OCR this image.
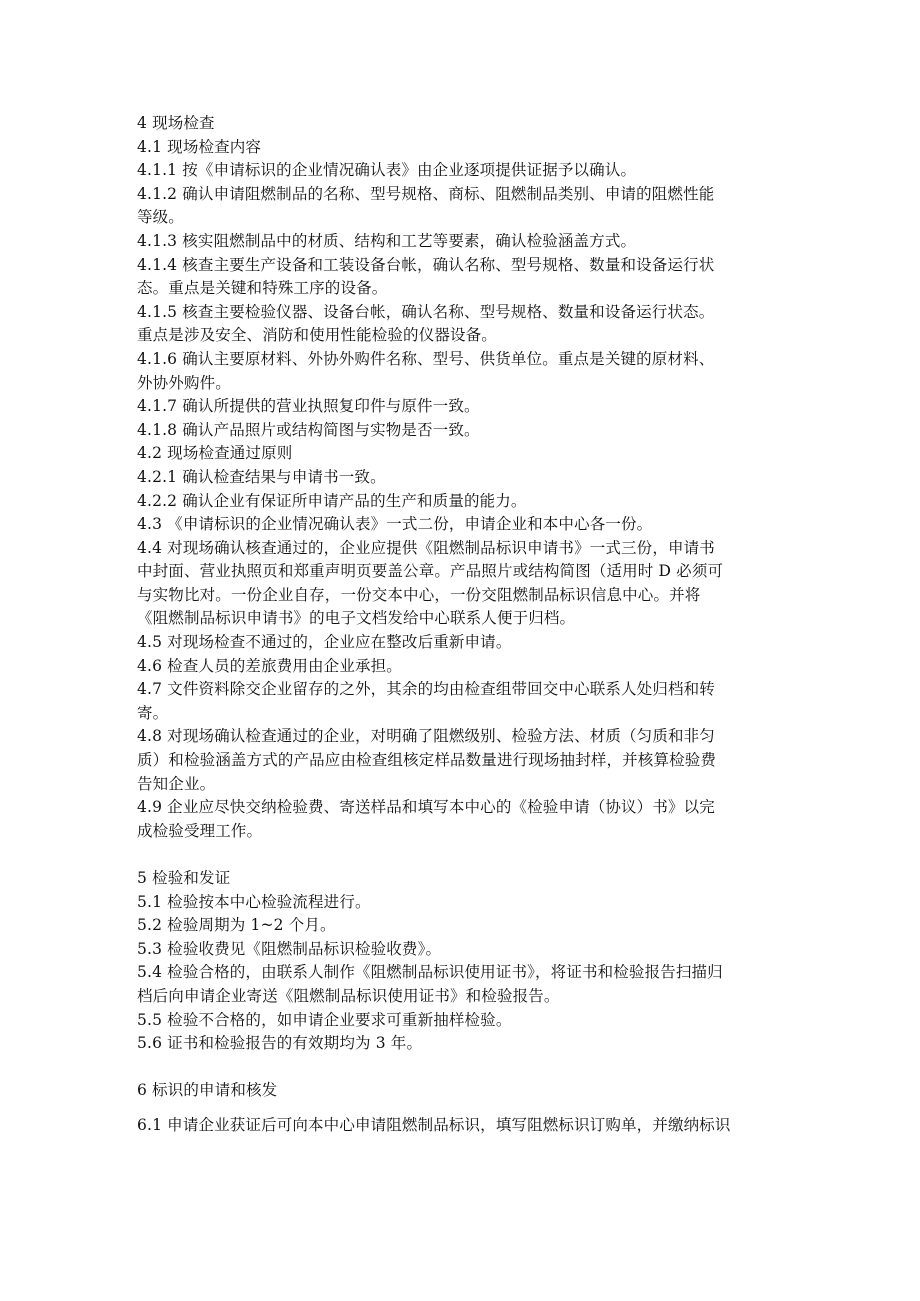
4 现场检查
4.1 现场检查内容
4.1.1 按《申请标识的企业情况确认表》由企业逐项提供证据予以确认。
4.1.2 确认申请阻燃制品的名称、型号规格、商标、阻燃制品类别、申请的阻燃性能
等级。
4.1.3 核实阻燃制品中的材质、结构和工艺等要素，确认检验涵盖方式。
4.1.4 核查主要生产设备和工装设备台帐，确认名称、型号规格、数量和设备运行状
态。重点是关键和特殊工序的设备。
4.1.5 核查主要检验仪器、设备台帐，确认名称、型号规格、数量和设备运行状态。
重点是涉及安全、消防和使用性能检验的仪器设备。
4.1.6 确认主要原材料、外协外购件名称、型号、供货单位。重点是关键的原材料、
外协外购件。
4.1.7 确认所提供的营业执照复印件与原件一致。
4.1.8 确认产品照片或结构简图与实物是否一致。
4.2 现场检查通过原则
4.2.1 确认检查结果与申请书一致。
4.2.2 确认企业有保证所申请产品的生产和质量的能力。
4.3 《申请标识的企业情况确认表》一式二份，申请企业和本中心各一份。
4.4 对现场确认核查通过的，企业应提供《阻燃制品标识申请书》一式三份，申请书
中封面、营业执照页和郑重声明页要盖公章。产品照片或结构简图（适用时 D 必须可
与实物比对。一份企业自存，一份交本中心，一份交阻燃制品标识信息中心。并将
《阻燃制品标识申请书》的电子文档发给中心联系人便于归档。
4.5 对现场检查不通过的，企业应在整改后重新申请。
4.6 检查人员的差旅费用由企业承担。
4.7 文件资料除交企业留存的之外，其余的均由检查组带回交中心联系人处归档和转
寄。
4.8 对现场确认检查通过的企业，对明确了阻燃级别、检验方法、材质（匀质和非匀
质）和检验涵盖方式的产品应由检查组核定样品数量进行现场抽封样，并核算检验费
告知企业。
4.9 企业应尽快交纳检验费、寄送样品和填写本中心的《检验申请（协议）书》以完
成检验受理工作。
5 检验和发证
5.1 检验按本中心检验流程进行。
5.2 检验周期为 1~2 个月。
5.3 检验收费见《阻燃制品标识检验收费》。
5.4 检验合格的，由联系人制作《阻燃制品标识使用证书》，将证书和检验报告扫描归
档后向申请企业寄送《阻燃制品标识使用证书》和检验报告。
5.5 检验不合格的，如申请企业要求可重新抽样检验。
5.6 证书和检验报告的有效期均为 3 年。
6 标识的申请和核发
6.1 申请企业获证后可向本中心申请阻燃制品标识，填写阻燃标识订购单，并缴纳标识
